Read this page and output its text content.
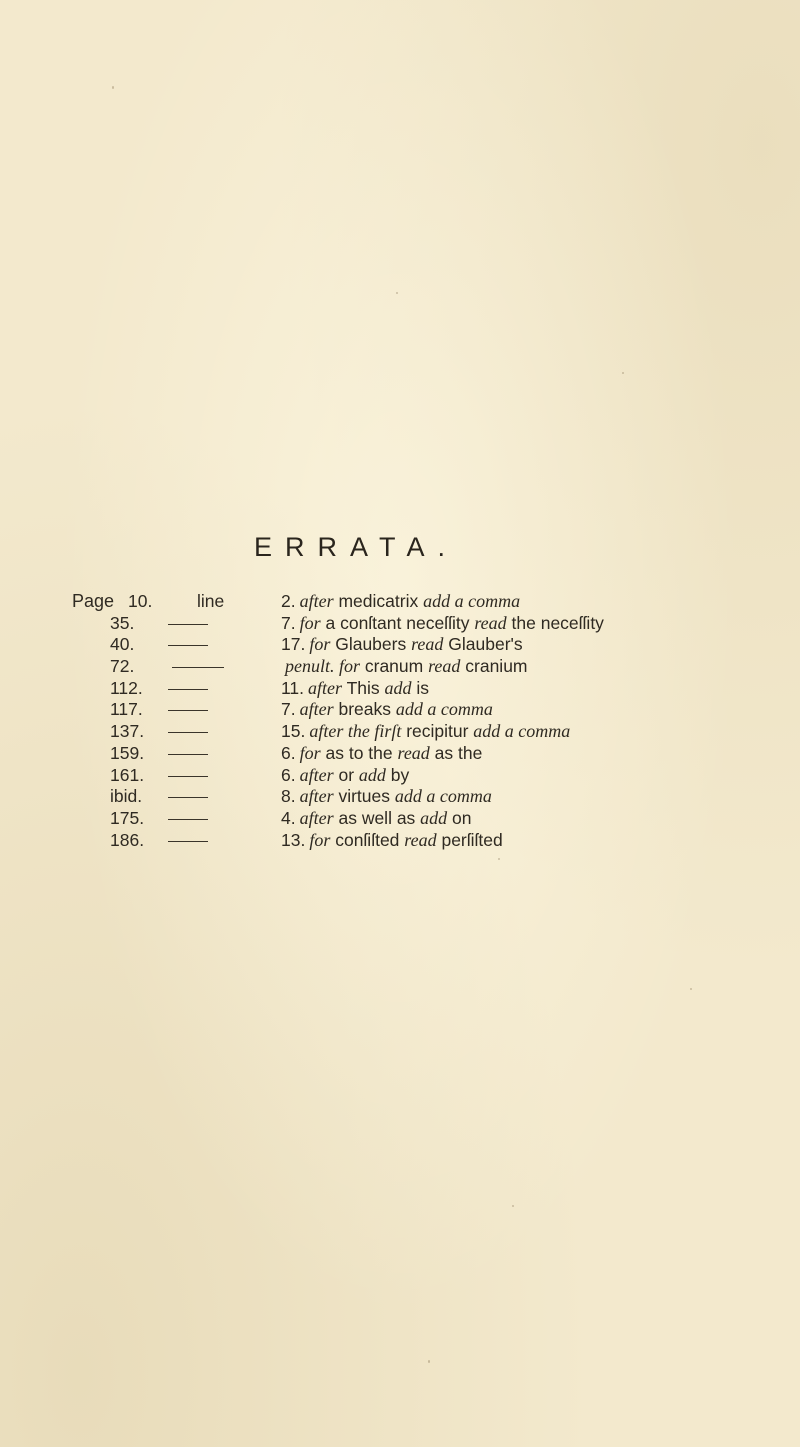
ERRATA.
Page 10.	line	2. after medicatrix add a comma
35.	7. for a conſtant neceſſity read the neceſſity
40.	17. for Glaubers read Glauber's
72.	penult. for cranum read cranium
112.	11. after This add is
117.	7. after breaks add a comma
137.	15. after the firſt recipitur add a comma
159.	6. for as to the read as the
161.	6. after or add by
ibid.	8. after virtues add a comma
175.	4. after as well as add on
186.	13. for conſiſted read perſiſted
